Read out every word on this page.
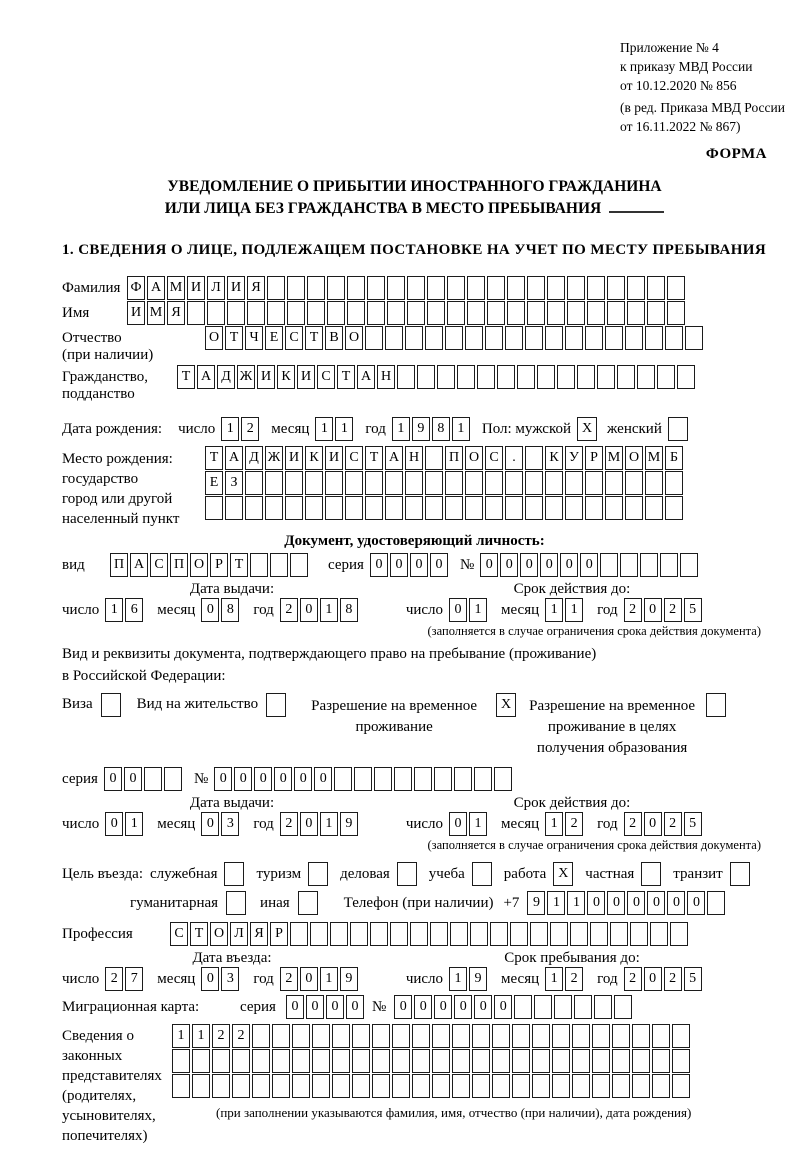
Приложение № 4
к приказу МВД России
от 10.12.2020 № 856
(в ред. Приказа МВД России
от 16.11.2022 № 867)
ФОРМА
УВЕДОМЛЕНИЕ О ПРИБЫТИИ ИНОСТРАННОГО ГРАЖДАНИНА
ИЛИ ЛИЦА БЕЗ ГРАЖДАНСТВА В МЕСТО ПРЕБЫВАНИЯ
1. СВЕДЕНИЯ О ЛИЦЕ, ПОДЛЕЖАЩЕМ ПОСТАНОВКЕ НА УЧЕТ ПО МЕСТУ ПРЕБЫВАНИЯ
Фамилия Ф А М И Л И Я
Имя	И М Я
Отчество
(при наличии)
О Т Ч Е С Т В О
Гражданство,
подданство
Т А Д Ж И К И С Т А Н
Дата рождения:	число 1 2	месяц 1 1	год 1 9 8 1	Пол: мужской X женский
Место рождения:
государство
город или другой
населенный пункт
Т А Д Ж И К И С Т А Н П О С .	К У Р М О М Б
Е З
Документ, удостоверяющий личность:
вид	П А С П О Р Т	серия 0 0 0 0	№ 0 0 0 0 0 0
Дата выдачи:	Срок действия до:
число 1 6	месяц 0 8	год 2 0 1 8	число 0 1	месяц 1 1	год 2 0 2 5
(заполняется в случае ограничения срока действия документа)
Вид и реквизиты документа, подтверждающего право на пребывание (проживание)
в Российской Федерации:
Виза	Вид на жительство	Разрешение на временное
проживание
X	Разрешение на временное
проживание в целях
получения образования
серия 0 0	№ 0 0 0 0 0 0
Дата выдачи:	Срок действия до:
число 0 1	месяц 0 3	год 2 0 1 9	число 0 1	месяц 1 2	год 2 0 2 5
(заполняется в случае ограничения срока действия документа)
Цель въезда: служебная	туризм	деловая	учеба	работа X	частная	транзит
гуманитарная	иная	Телефон (при наличии) +7 9 1 1 0 0 0 0 0 0
Профессия	С Т О Л Я Р
Дата въезда:	Срок пребывания до:
число 2 7	месяц 0 3	год 2 0 1 9	число 1 9	месяц 1 2	год 2 0 2 5
Миграционная карта:	серия	0 0 0 0 № 0 0 0 0 0 0
Сведения о
законных
представителях
(родителях,
усыновителях,
попечителях)
1 1 2 2
(при заполнении указываются фамилия, имя, отчество (при наличии), дата рождения)
